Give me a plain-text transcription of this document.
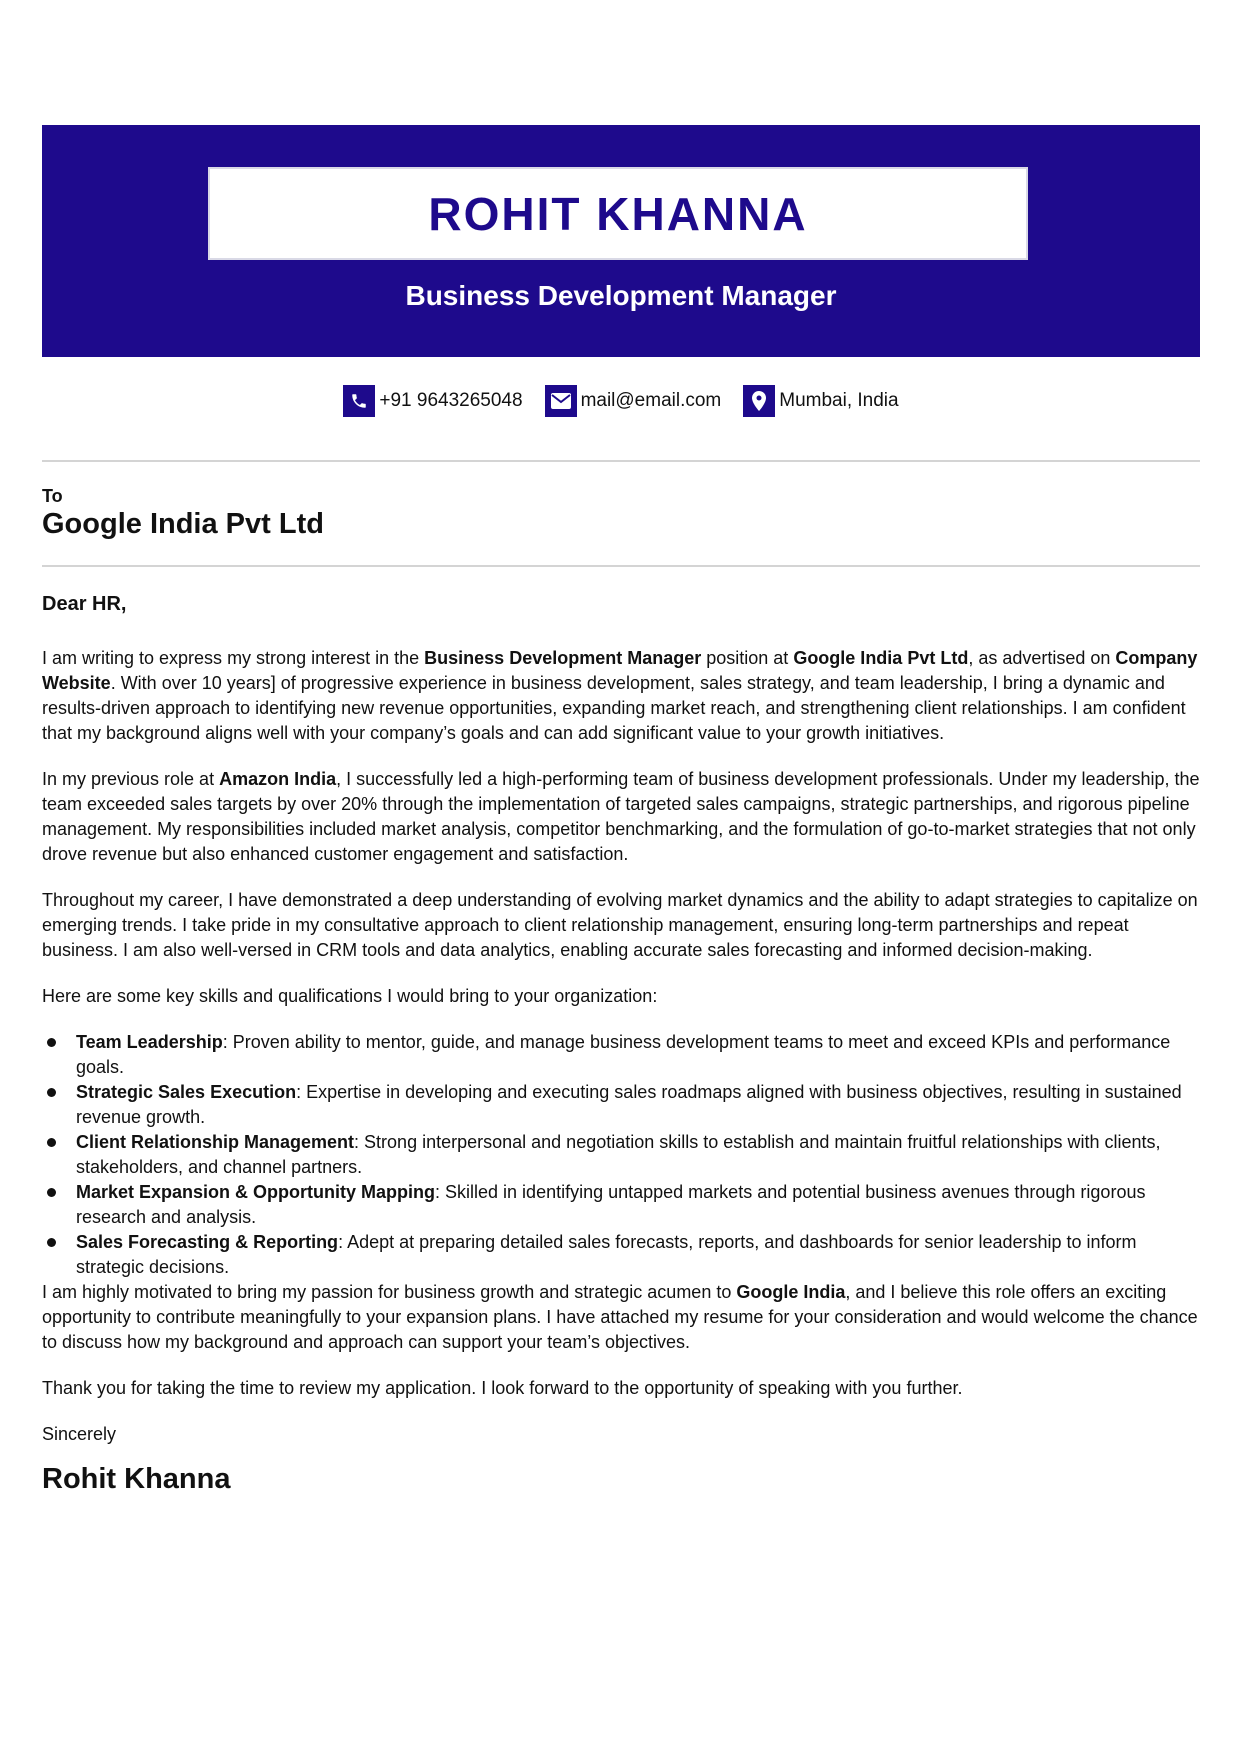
ROHIT KHANNA
Business Development Manager
+91 9643265048	mail@email.com	Mumbai, India
To
Google India Pvt Ltd

Dear HR,

I am writing to express my strong interest in the Business Development Manager position at Google India Pvt Ltd, as advertised on Company Website. With over 10 years] of progressive experience in business development, sales strategy, and team leadership, I bring a dynamic and results-driven approach to identifying new revenue opportunities, expanding market reach, and strengthening client relationships. I am confident that my background aligns well with your company’s goals and can add significant value to your growth initiatives.

In my previous role at Amazon India, I successfully led a high-performing team of business development professionals. Under my leadership, the team exceeded sales targets by over 20% through the implementation of targeted sales campaigns, strategic partnerships, and rigorous pipeline management. My responsibilities included market analysis, competitor benchmarking, and the formulation of go-to-market strategies that not only drove revenue but also enhanced customer engagement and satisfaction.

Throughout my career, I have demonstrated a deep understanding of evolving market dynamics and the ability to adapt strategies to capitalize on emerging trends. I take pride in my consultative approach to client relationship management, ensuring long-term partnerships and repeat business. I am also well-versed in CRM tools and data analytics, enabling accurate sales forecasting and informed decision-making.

Here are some key skills and qualifications I would bring to your organization:

Team Leadership: Proven ability to mentor, guide, and manage business development teams to meet and exceed KPIs and performance goals.
Strategic Sales Execution: Expertise in developing and executing sales roadmaps aligned with business objectives, resulting in sustained revenue growth.
Client Relationship Management: Strong interpersonal and negotiation skills to establish and maintain fruitful relationships with clients, stakeholders, and channel partners.
Market Expansion & Opportunity Mapping: Skilled in identifying untapped markets and potential business avenues through rigorous research and analysis.
Sales Forecasting & Reporting: Adept at preparing detailed sales forecasts, reports, and dashboards for senior leadership to inform strategic decisions.

I am highly motivated to bring my passion for business growth and strategic acumen to Google India, and I believe this role offers an exciting opportunity to contribute meaningfully to your expansion plans. I have attached my resume for your consideration and would welcome the chance to discuss how my background and approach can support your team’s objectives.

Thank you for taking the time to review my application. I look forward to the opportunity of speaking with you further.

Sincerely

Rohit Khanna
